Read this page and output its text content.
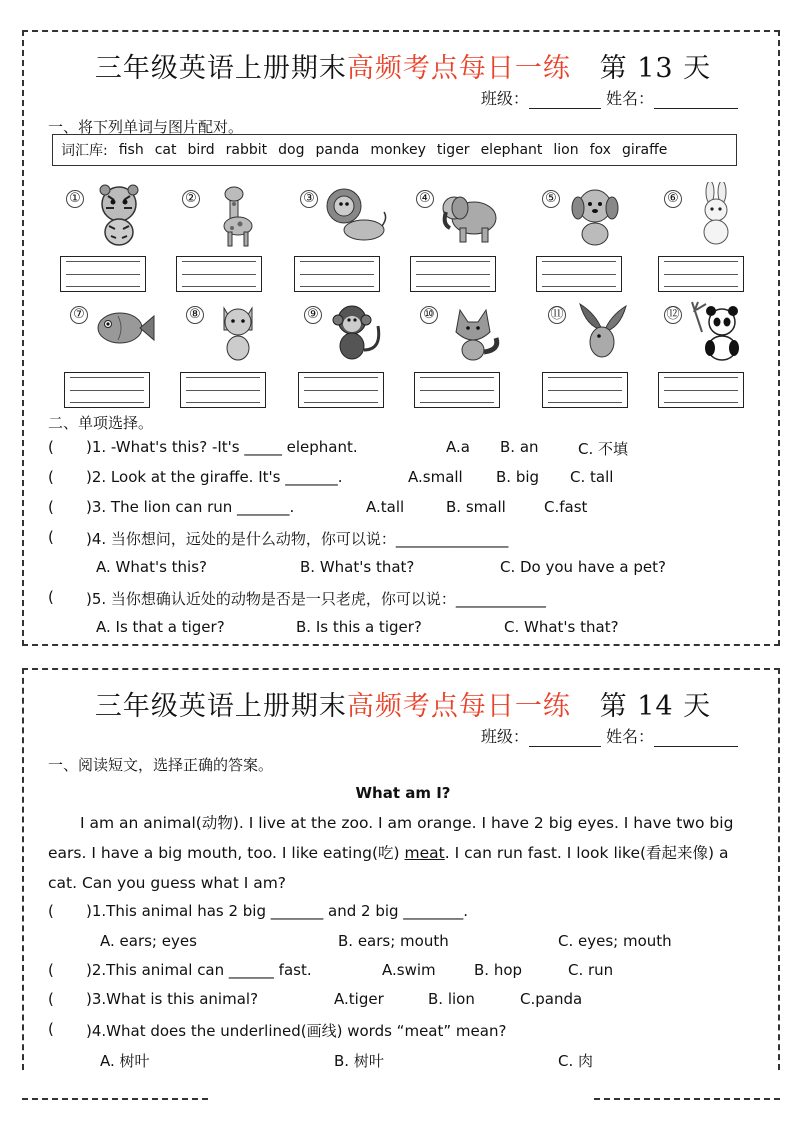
三年级英语上册期末高频考点每日一练 第 13 天
班级：	姓名：
一、将下列单词与图片配对。
词汇库: fish cat bird rabbit dog panda monkey tiger elephant lion fox giraffe
①	②	③	④	⑤	⑥
⑦	⑧	⑨	⑩	⑪	⑫
二、单项选择。
( )1. -What's this? -It's _____ elephant.	A.a B. an	C. 不填
( )2. Look at the giraffe. It's _______.	A.small B. big C. tall
( )3. The lion can run _______.	A.tall	B. small	C.fast
( )4. 当你想问，远处的是什么动物，你可以说：_______________
A. What's this?	B. What's that?	C. Do you have a pet?
( )5. 当你想确认近处的动物是否是一只老虎，你可以说：____________
A. Is that a tiger?	B. Is this a tiger?	C. What's that?
三年级英语上册期末高频考点每日一练 第 14 天
班级：	姓名：
一、阅读短文，选择正确的答案。
What am I?
I am an animal(动物). I live at the zoo. I am orange. I have 2 big eyes. I have two big ears. I have a big mouth, too. I like eating(吃) meat. I can run fast. I look like(看起来像) a cat. Can you guess what I am?
( )1.This animal has 2 big _______ and 2 big ________.
A. ears; eyes	B. ears; mouth	C. eyes; mouth
( )2.This animal can ______ fast.	A.swim	B. hop	C. run
( )3.What is this animal?	A.tiger	B. lion	C.panda
( )4.What does the underlined(画线) words “meat” mean?
A. 树叶	B. 树叶	C. 肉
